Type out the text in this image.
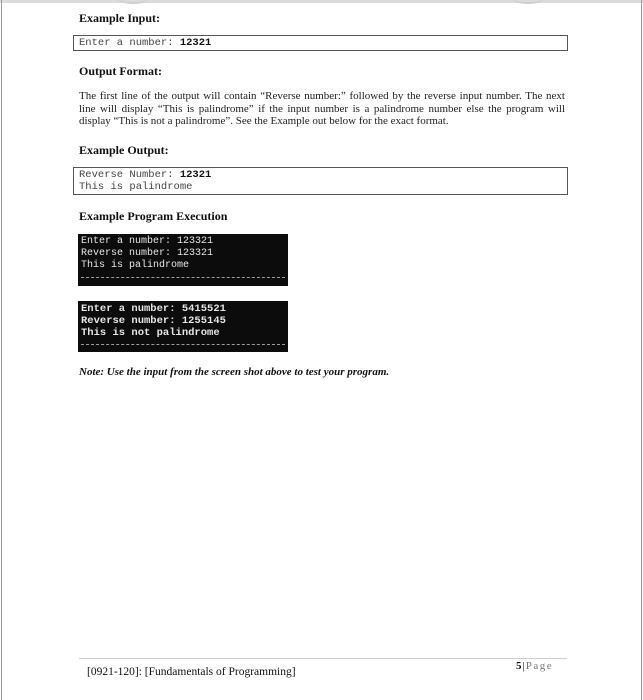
Example Input:
Enter a number: 12321
Output Format:
The first line of the output will contain “Reverse number:” followed by the reverse input number. The next line will display “This is palindrome” if the input number is a palindrome number else the program will display “This is not a palindrome”. See the Example out below for the exact format.
Example Output:
Reverse Number: 12321
This is palindrome
Example Program Execution
Enter a number: 123321
Reverse number: 123321
This is palindrome
Enter a number: 5415521
Reverse number: 1255145
This is not palindrome
Note: Use the input from the screen shot above to test your program.
[0921-120]: [Fundamentals of Programming]	5|Page
